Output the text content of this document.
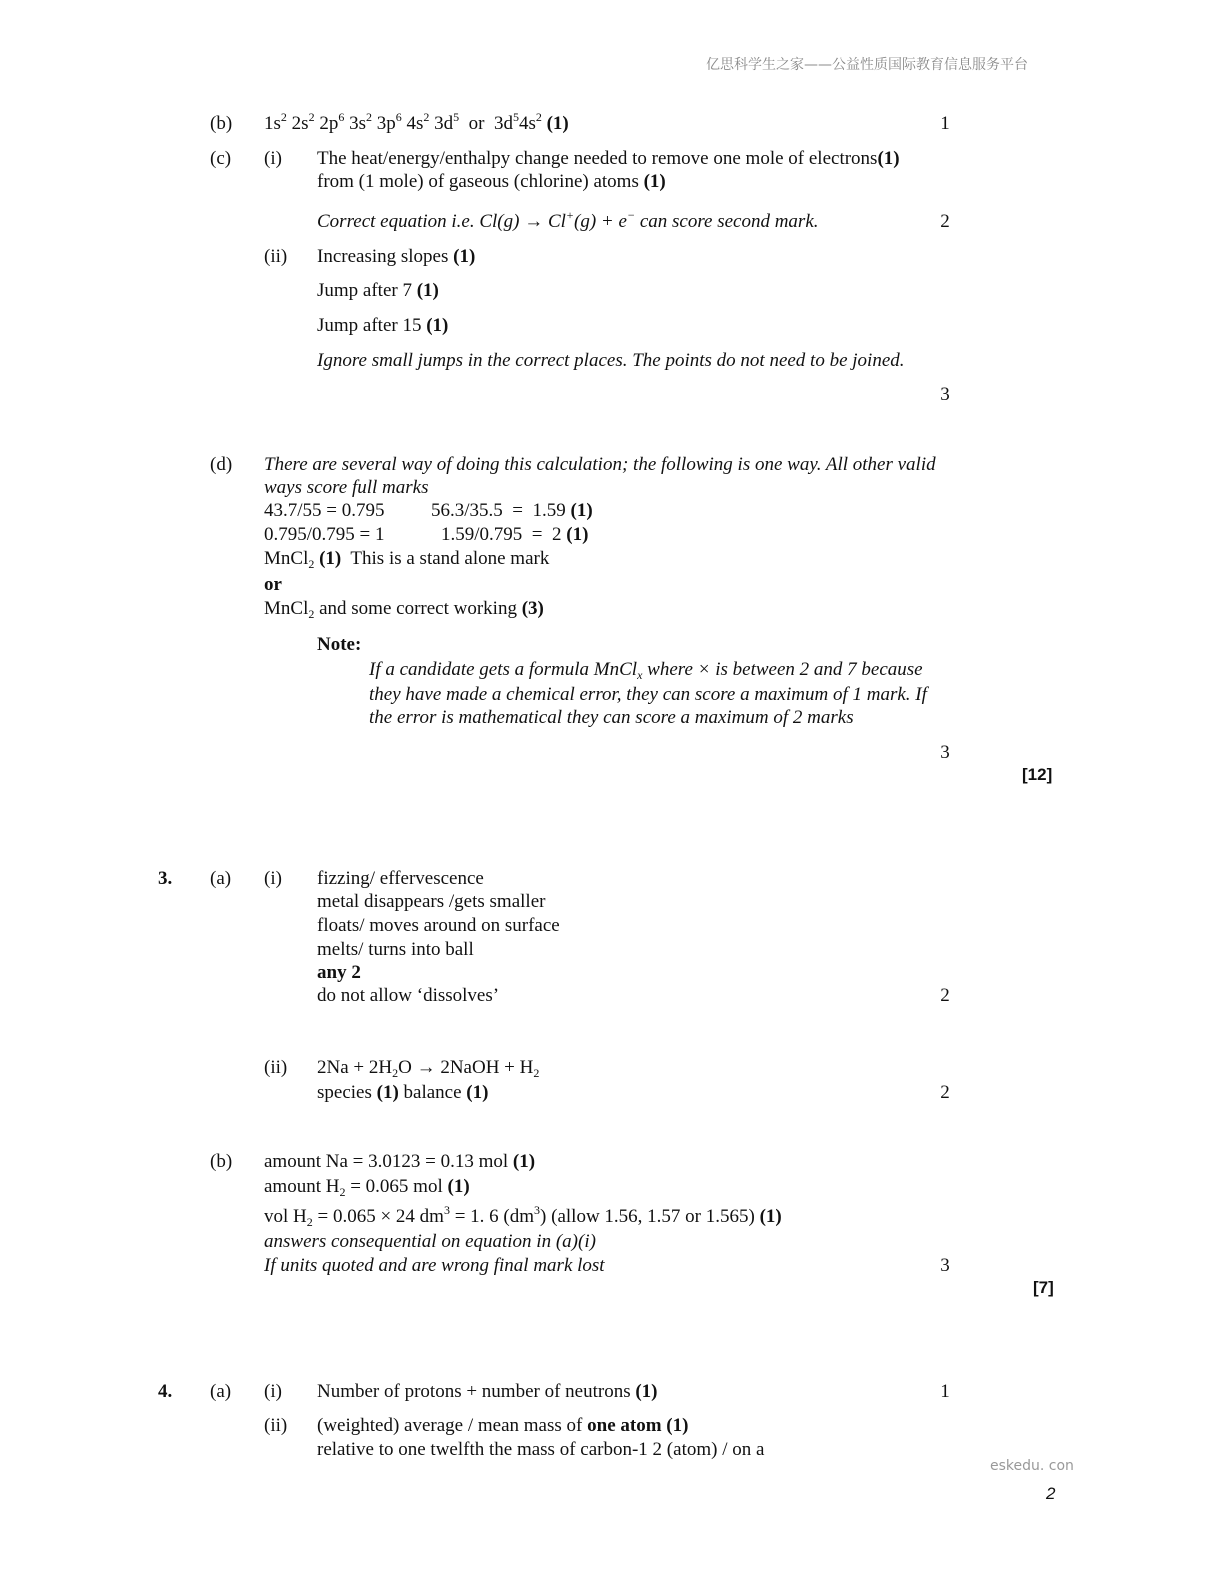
亿思科学生之家——公益性质国际教育信息服务平台
(b) $1s^2$ $2s^2$ $2p^6$ $3s^2$ $3p^6$ $4s^2$ $3d^5$  or  $3d^54s^2$ (1)	1
(c) (i) The heat/energy/enthalpy change needed to remove one mole of electrons(1)
from (1 mole) of gaseous (chlorine) atoms (1)
Correct equation i.e. Cl(g) → Cl+(g) + e− can score second mark.	2
(ii) Increasing slopes (1)
Jump after 7 (1)
Jump after 15 (1)
Ignore small jumps in the correct places. The points do not need to be joined.
3
(d) There are several way of doing this calculation; the following is one way. All other valid
ways score full marks
43.7/55 = 0.795 56.3/35.5  =  1.59 (1)
0.795/0.795 = 1	1.59/0.795  =  2 (1)
MnCl$_2$ (1)  This is a stand alone mark
or
MnCl$_2$ and some correct working (3)
Note:
If a candidate gets a formula MnCl$_x$ where × is between 2 and 7 because
they have made a chemical error, they can score a maximum of 1 mark. If
the error is mathematical they can score a maximum of 2 marks
3
[12]
3. (a) (i) fizzing/ effervescence
metal disappears /gets smaller
floats/ moves around on surface
melts/ turns into ball
any 2
do not allow ‘dissolves’	2
(ii) $2Na + 2H_2O$ → 2NaOH + $H_2$
species (1) balance (1)	2
(b) amount Na = 3.0123 = 0.13 mol (1)
amount $H_2 = 0.065$ mol (1)
vol $H_2 = 0.065 \times 24$ $dm^3 = 1$. 6 $(dm^3)$ (allow 1.56, 1.57 or 1.565) (1)
answers consequential on equation in (a)(i)
If units quoted and are wrong final mark lost	3
[7]
4. (a) (i) Number of protons + number of neutrons (1)	1
(ii) (weighted) average / mean mass of one atom (1)
relative to one twelfth the mass of carbon-1 2 (atom) / on a
eskedu. con
2
